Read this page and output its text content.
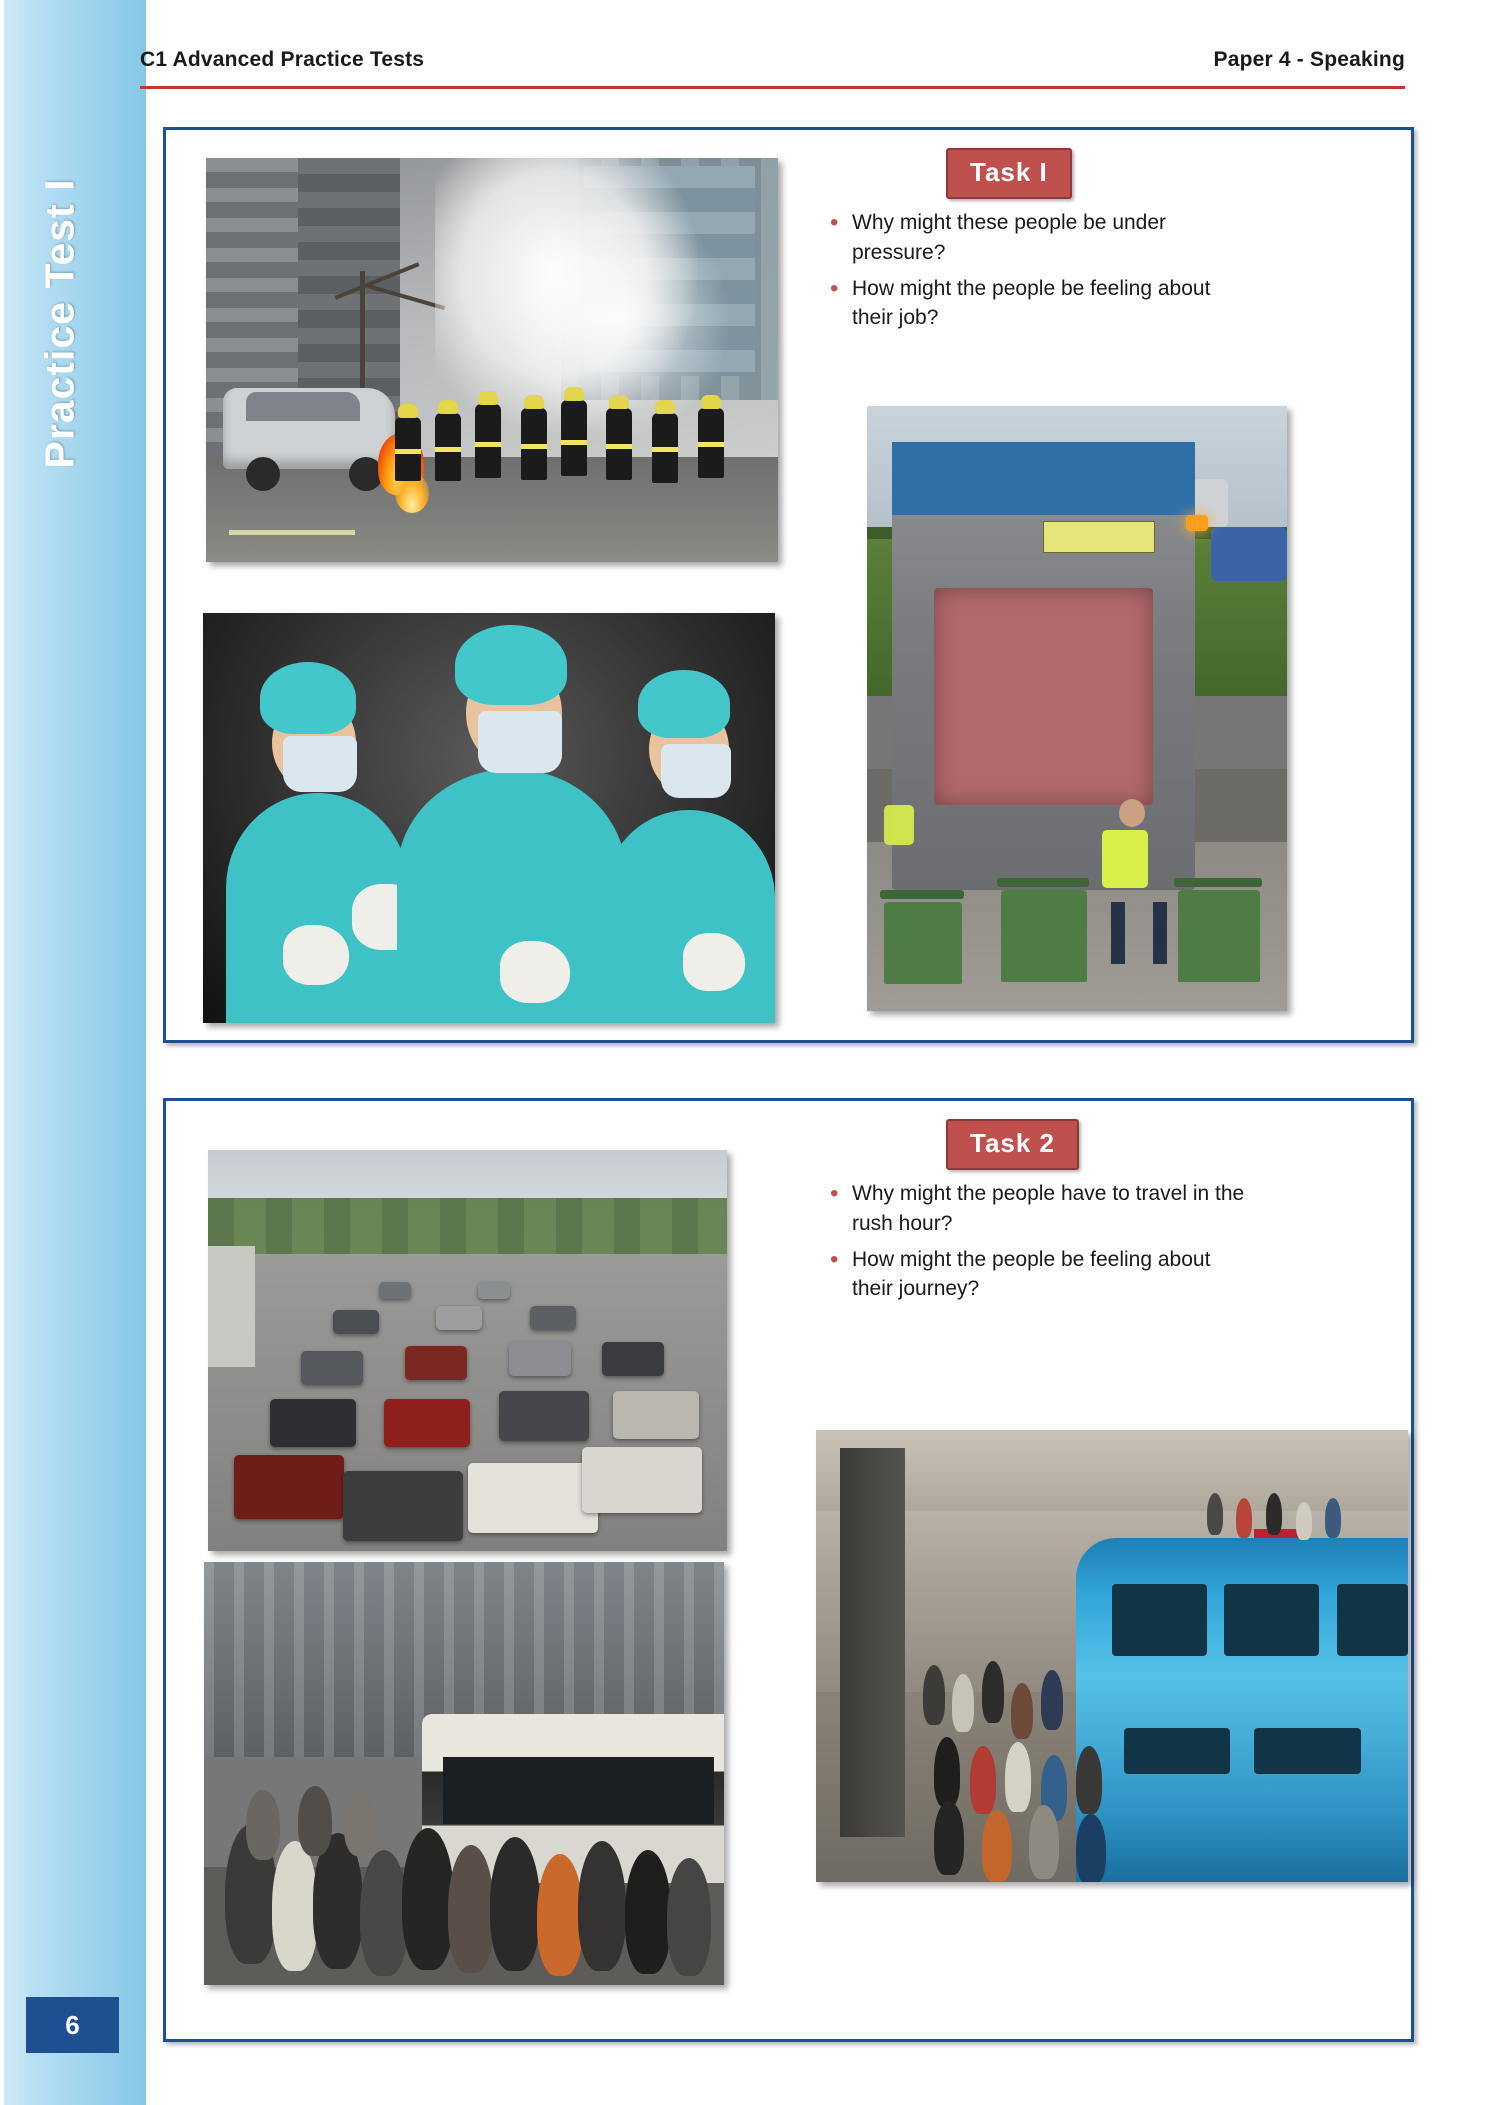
Practice Test I
6
C1 Advanced Practice Tests	Paper 4 - Speaking
Task I
• Why might these people be under pressure?
• How might the people be feeling about their job?
Task 2
• Why might the people have to travel in the rush hour?
• How might the people be feeling about their journey?
